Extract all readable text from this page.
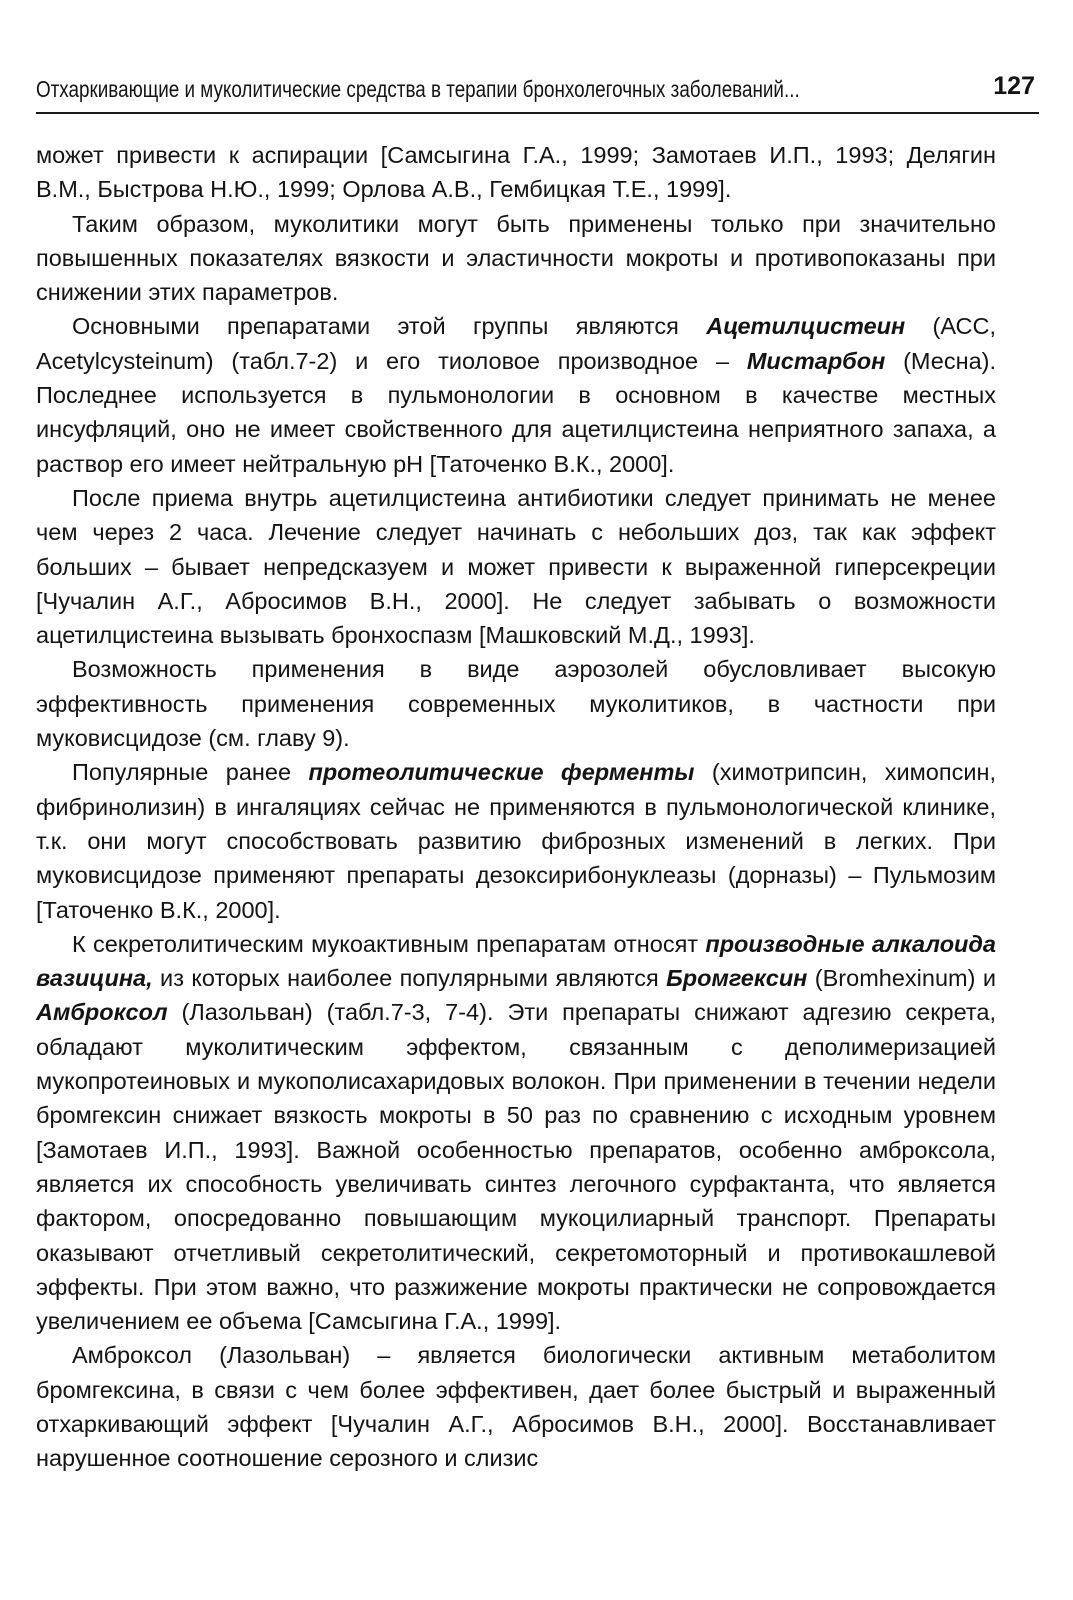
Отхаркивающие и муколитические средства в терапии бронхолегочных заболеваний...	127

может привести к аспирации [Самсыгина Г.А., 1999; Замотаев И.П., 1993; Делягин В.М., Быстрова Н.Ю., 1999; Орлова А.В., Гембицкая Т.Е., 1999].

Таким образом, муколитики могут быть применены только при значительно повышенных показателях вязкости и эластичности мокроты и противопоказаны при снижении этих параметров.

Основными препаратами этой группы являются Ацетилцистеин (АСС, Acetylcysteinum) (табл.7-2) и его тиоловое производное – Мистарбон (Месна). Последнее используется в пульмонологии в основном в качестве местных инсуфляций, оно не имеет свойственного для ацетилцистеина неприятного запаха, а раствор его имеет нейтральную pH [Таточенко В.К., 2000].

После приема внутрь ацетилцистеина антибиотики следует принимать не менее чем через 2 часа. Лечение следует начинать с небольших доз, так как эффект больших – бывает непредсказуем и может привести к выраженной гиперсекреции [Чучалин А.Г., Абросимов В.Н., 2000]. Не следует забывать о возможности ацетилцистеина вызывать бронхоспазм [Машковский М.Д., 1993].

Возможность применения в виде аэрозолей обусловливает высокую эффективность применения современных муколитиков, в частности при муковисцидозе (см. главу 9).

Популярные ранее протеолитические ферменты (химотрипсин, химопсин, фибринолизин) в ингаляциях сейчас не применяются в пульмонологической клинике, т.к. они могут способствовать развитию фиброзных изменений в легких. При муковисцидозе применяют препараты дезоксирибонуклеазы (дорназы) – Пульмозим [Таточенко В.К., 2000].

К секретолитическим мукоактивным препаратам относят производные алкалоида вазицина, из которых наиболее популярными являются Бромгексин (Bromhexinum) и Амброксол (Лазольван) (табл.7-3, 7-4). Эти препараты снижают адгезию секрета, обладают муколитическим эффектом, связанным с деполимеризацией мукопротеиновых и мукополисахаридовых волокон. При применении в течении недели бромгексин снижает вязкость мокроты в 50 раз по сравнению с исходным уровнем [Замотаев И.П., 1993]. Важной особенностью препаратов, особенно амброксола, является их способность увеличивать синтез легочного сурфактанта, что является фактором, опосредованно повышающим мукоцилиарный транспорт. Препараты оказывают отчетливый секретолитический, секретомоторный и противокашлевой эффекты. При этом важно, что разжижение мокроты практически не сопровождается увеличением ее объема [Самсыгина Г.А., 1999].

Амброксол (Лазольван) – является биологически активным метаболитом бромгексина, в связи с чем более эффективен, дает более быстрый и выраженный отхаркивающий эффект [Чучалин А.Г., Абросимов В.Н., 2000]. Восстанавливает нарушенное соотношение серозного и слизис
